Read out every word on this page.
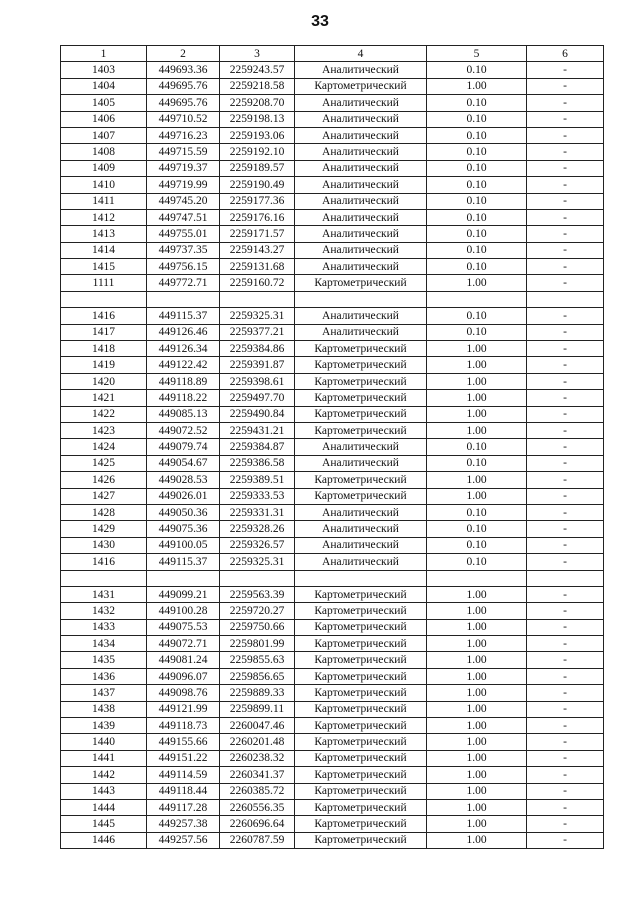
33
1	2	3	4	5	6
1403	449693.36	2259243.57	Аналитический	0.10	-
1404	449695.76	2259218.58	Картометрический	1.00	-
1405	449695.76	2259208.70	Аналитический	0.10	-
1406	449710.52	2259198.13	Аналитический	0.10	-
1407	449716.23	2259193.06	Аналитический	0.10	-
1408	449715.59	2259192.10	Аналитический	0.10	-
1409	449719.37	2259189.57	Аналитический	0.10	-
1410	449719.99	2259190.49	Аналитический	0.10	-
1411	449745.20	2259177.36	Аналитический	0.10	-
1412	449747.51	2259176.16	Аналитический	0.10	-
1413	449755.01	2259171.57	Аналитический	0.10	-
1414	449737.35	2259143.27	Аналитический	0.10	-
1415	449756.15	2259131.68	Аналитический	0.10	-
1111	449772.71	2259160.72	Картометрический	1.00	-

1416	449115.37	2259325.31	Аналитический	0.10	-
1417	449126.46	2259377.21	Аналитический	0.10	-
1418	449126.34	2259384.86	Картометрический	1.00	-
1419	449122.42	2259391.87	Картометрический	1.00	-
1420	449118.89	2259398.61	Картометрический	1.00	-
1421	449118.22	2259497.70	Картометрический	1.00	-
1422	449085.13	2259490.84	Картометрический	1.00	-
1423	449072.52	2259431.21	Картометрический	1.00	-
1424	449079.74	2259384.87	Аналитический	0.10	-
1425	449054.67	2259386.58	Аналитический	0.10	-
1426	449028.53	2259389.51	Картометрический	1.00	-
1427	449026.01	2259333.53	Картометрический	1.00	-
1428	449050.36	2259331.31	Аналитический	0.10	-
1429	449075.36	2259328.26	Аналитический	0.10	-
1430	449100.05	2259326.57	Аналитический	0.10	-
1416	449115.37	2259325.31	Аналитический	0.10	-

1431	449099.21	2259563.39	Картометрический	1.00	-
1432	449100.28	2259720.27	Картометрический	1.00	-
1433	449075.53	2259750.66	Картометрический	1.00	-
1434	449072.71	2259801.99	Картометрический	1.00	-
1435	449081.24	2259855.63	Картометрический	1.00	-
1436	449096.07	2259856.65	Картометрический	1.00	-
1437	449098.76	2259889.33	Картометрический	1.00	-
1438	449121.99	2259899.11	Картометрический	1.00	-
1439	449118.73	2260047.46	Картометрический	1.00	-
1440	449155.66	2260201.48	Картометрический	1.00	-
1441	449151.22	2260238.32	Картометрический	1.00	-
1442	449114.59	2260341.37	Картометрический	1.00	-
1443	449118.44	2260385.72	Картометрический	1.00	-
1444	449117.28	2260556.35	Картометрический	1.00	-
1445	449257.38	2260696.64	Картометрический	1.00	-
1446	449257.56	2260787.59	Картометрический	1.00	-
